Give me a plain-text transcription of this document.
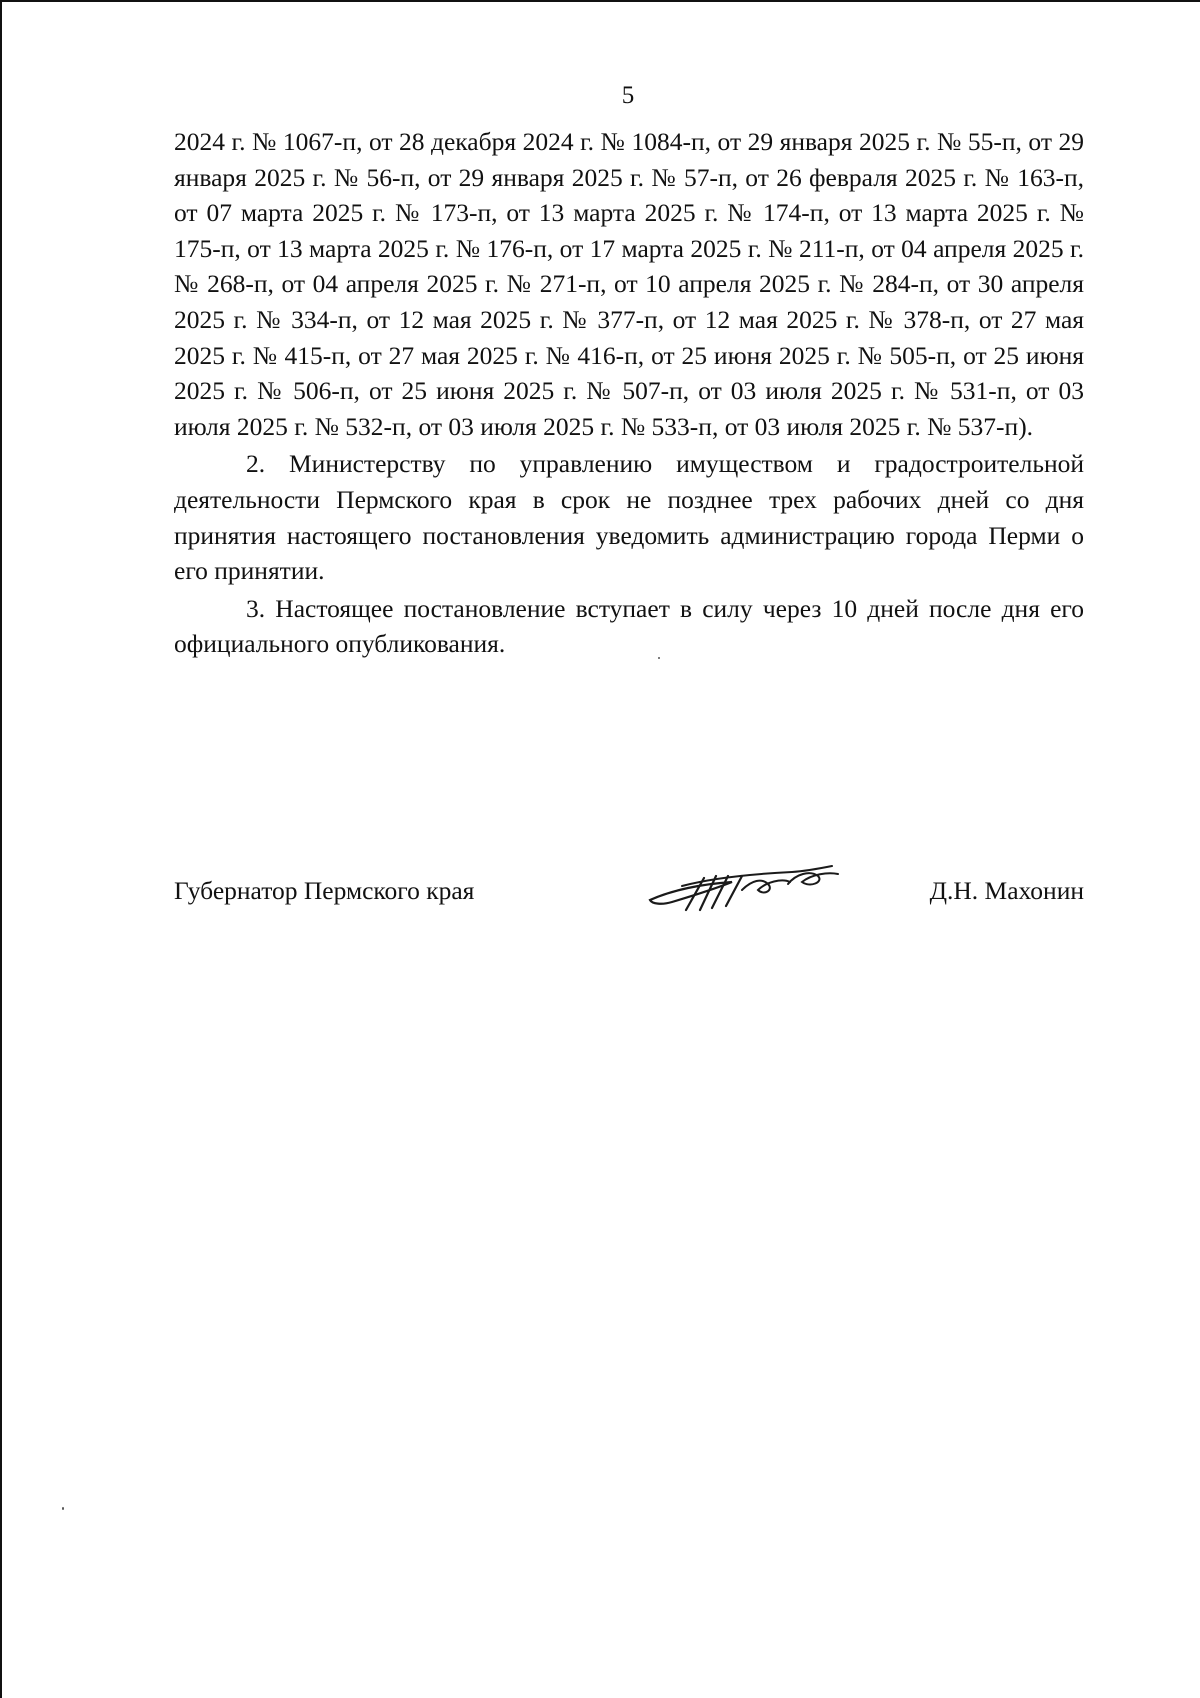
5

2024 г. № 1067-п, от 28 декабря 2024 г. № 1084-п, от 29 января 2025 г. № 55-п, от 29 января 2025 г. № 56-п, от 29 января 2025 г. № 57-п, от 26 февраля 2025 г. № 163-п, от 07 марта 2025 г. № 173-п, от 13 марта 2025 г. № 174-п, от 13 марта 2025 г. № 175-п, от 13 марта 2025 г. № 176-п, от 17 марта 2025 г. № 211-п, от 04 апреля 2025 г. № 268-п, от 04 апреля 2025 г. № 271-п, от 10 апреля 2025 г. № 284-п, от 30 апреля 2025 г. № 334-п, от 12 мая 2025 г. № 377-п, от 12 мая 2025 г. № 378-п, от 27 мая 2025 г. № 415-п, от 27 мая 2025 г. № 416-п, от 25 июня 2025 г. № 505-п, от 25 июня 2025 г. № 506-п, от 25 июня 2025 г. № 507-п, от 03 июля 2025 г. № 531-п, от 03 июля 2025 г. № 532-п, от 03 июля 2025 г. № 533-п, от 03 июля 2025 г. № 537-п).

2. Министерству по управлению имуществом и градостроительной деятельности Пермского края в срок не позднее трех рабочих дней со дня принятия настоящего постановления уведомить администрацию города Перми о его принятии.

3. Настоящее постановление вступает в силу через 10 дней после дня его официального опубликования.

Губернатор Пермского края	Д.Н. Махонин
